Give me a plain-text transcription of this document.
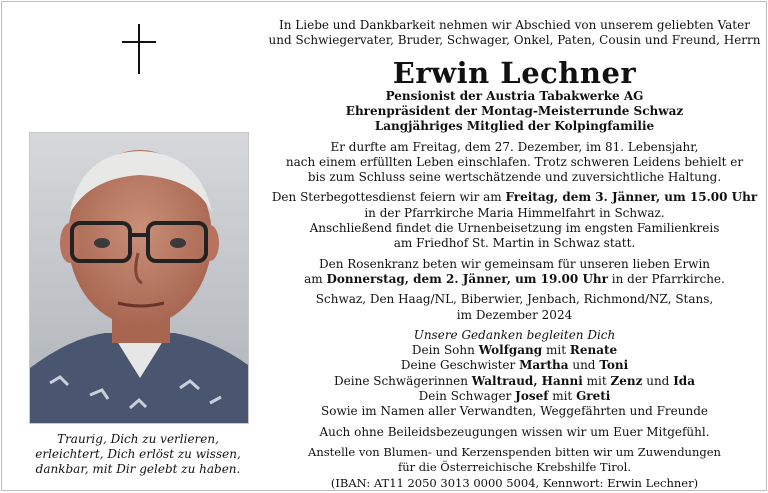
Traurig, Dich zu verlieren,
erleichtert, Dich erlöst zu wissen,
dankbar, mit Dir gelebt zu haben.
In Liebe und Dankbarkeit nehmen wir Abschied von unserem geliebten Vater
und Schwiegervater, Bruder, Schwager, Onkel, Paten, Cousin und Freund, Herrn
Erwin Lechner
Pensionist der Austria Tabakwerke AG
Ehrenpräsident der Montag-Meisterrunde Schwaz
Langjähriges Mitglied der Kolpingfamilie
Er durfte am Freitag, dem 27. Dezember, im 81. Lebensjahr,
nach einem erfüllten Leben einschlafen. Trotz schweren Leidens behielt er
bis zum Schluss seine wertschätzende und zuversichtliche Haltung.
Den Sterbegottesdienst feiern wir am Freitag, dem 3. Jänner, um 15.00 Uhr
in der Pfarrkirche Maria Himmelfahrt in Schwaz.
Anschließend findet die Urnenbeisetzung im engsten Familienkreis
am Friedhof St. Martin in Schwaz statt.
Den Rosenkranz beten wir gemeinsam für unseren lieben Erwin
am Donnerstag, dem 2. Jänner, um 19.00 Uhr in der Pfarrkirche.
Schwaz, Den Haag/NL, Biberwier, Jenbach, Richmond/NZ, Stans,
im Dezember 2024
Unsere Gedanken begleiten Dich
Dein Sohn Wolfgang mit Renate
Deine Geschwister Martha und Toni
Deine Schwägerinnen Waltraud, Hanni mit Zenz und Ida
Dein Schwager Josef mit Greti
Sowie im Namen aller Verwandten, Weggefährten und Freunde
Auch ohne Beileidsbezeugungen wissen wir um Euer Mitgefühl.
Anstelle von Blumen- und Kerzenspenden bitten wir um Zuwendungen
für die Österreichische Krebshilfe Tirol.
(IBAN: AT11 2050 3013 0000 5004, Kennwort: Erwin Lechner)
